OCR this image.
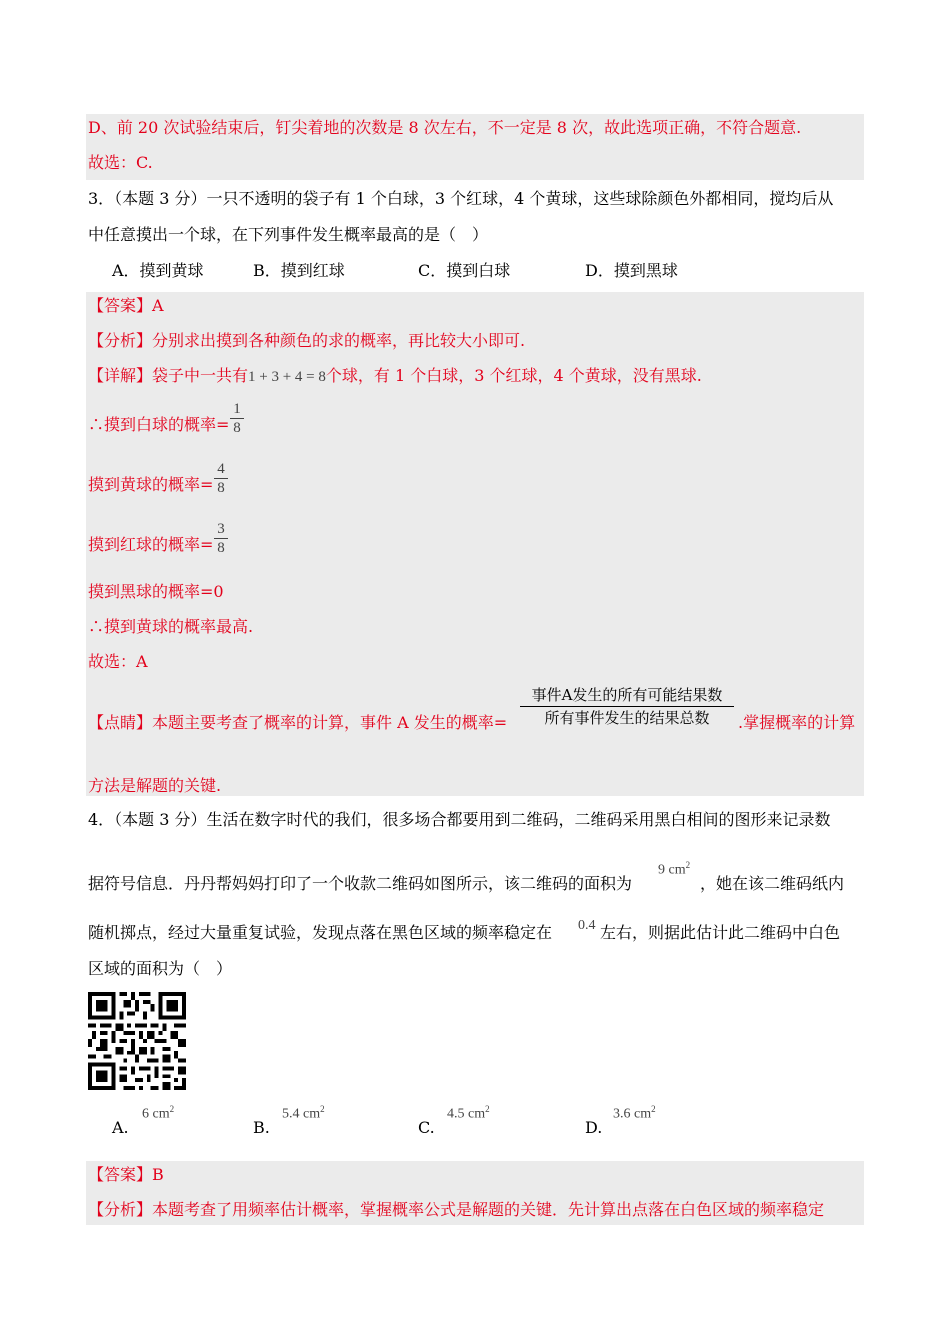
D、前 20 次试验结束后，钉尖着地的次数是 8 次左右，不一定是 8 次，故此选项正确，不符合题意.
故选：C.
3．（本题 3 分）一只不透明的袋子有 1 个白球，3 个红球，4 个黄球，这些球除颜色外都相同，搅均后从
中任意摸出一个球，在下列事件发生概率最高的是（　）
A．摸到黄球	B．摸到红球	C．摸到白球	D．摸到黑球
【答案】A
【分析】分别求出摸到各种颜色的求的概率，再比较大小即可.
【详解】袋子中一共有1 + 3 + 4 = 8个球，有 1 个白球，3 个红球，4 个黄球，没有黑球.
∴摸到白球的概率=
1
8
摸到黄球的概率=
4
8
摸到红球的概率=
3
8
摸到黑球的概率=0
∴摸到黄球的概率最高.
故选：A
【点睛】本题主要考查了概率的计算，事件 A 发生的概率=
事件A发生的所有可能结果数
所有事件发生的结果总数	.掌握概率的计算
方法是解题的关键.
4．（本题 3 分）生活在数字时代的我们，很多场合都要用到二维码，二维码采用黑白相间的图形来记录数
据符号信息．丹丹帮妈妈打印了一个收款二维码如图所示，该二维码的面积为
9 $cm^2$
，她在该二维码纸内
随机掷点，经过大量重复试验，发现点落在黑色区域的频率稳定在 0.4 左右，则据此估计此二维码中白色
区域的面积为（　）
A.
6 $cm^2$
B.
5.4 $cm^2$
C.
4.5 $cm^2$
D.
3.6 $cm^2$
【答案】B
【分析】本题考查了用频率估计概率，掌握概率公式是解题的关键．先计算出点落在白色区域的频率稳定
